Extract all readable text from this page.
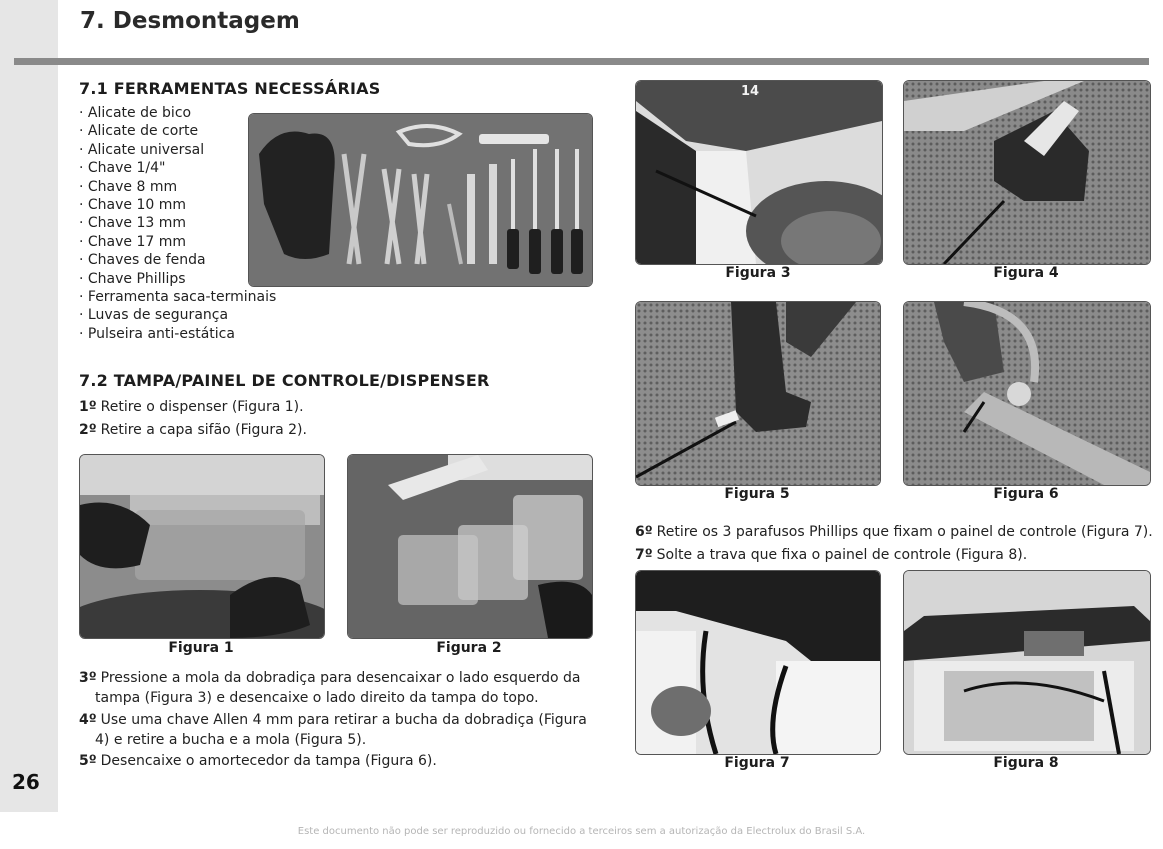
26
7. Desmontagem
7.1 FERRAMENTAS NECESSÁRIAS
· Alicate de bico
· Alicate de corte
· Alicate universal
· Chave 1/4"
· Chave 8 mm
· Chave 10 mm
· Chave 13 mm
· Chave 17 mm
· Chaves de fenda
· Chave Phillips
· Ferramenta saca-terminais
· Luvas de segurança
· Pulseira anti-estática
7.2 TAMPA/PAINEL DE CONTROLE/DISPENSER
1º Retire o dispenser (Figura 1).
2º Retire a capa sifão (Figura 2).
Figura 1	Figura 2
3º Pressione a mola da dobradiça para desencaixar o lado esquerdo da
tampa (Figura 3) e desencaixe o lado direito da tampa do topo.
4º Use uma chave Allen 4 mm para retirar a bucha da dobradiça (Figura
4) e retire a bucha e a mola (Figura 5).
5º Desencaixe o amortecedor da tampa (Figura 6).
14
Figura 3	Figura 4
Figura 5	Figura 6
6º Retire os 3 parafusos Phillips que fixam o painel de controle (Figura 7).
7º Solte a trava que fixa o painel de controle (Figura 8).
Figura 7	Figura 8
Este documento não pode ser reproduzido ou fornecido a terceiros sem a autorização da Electrolux do Brasil S.A.
